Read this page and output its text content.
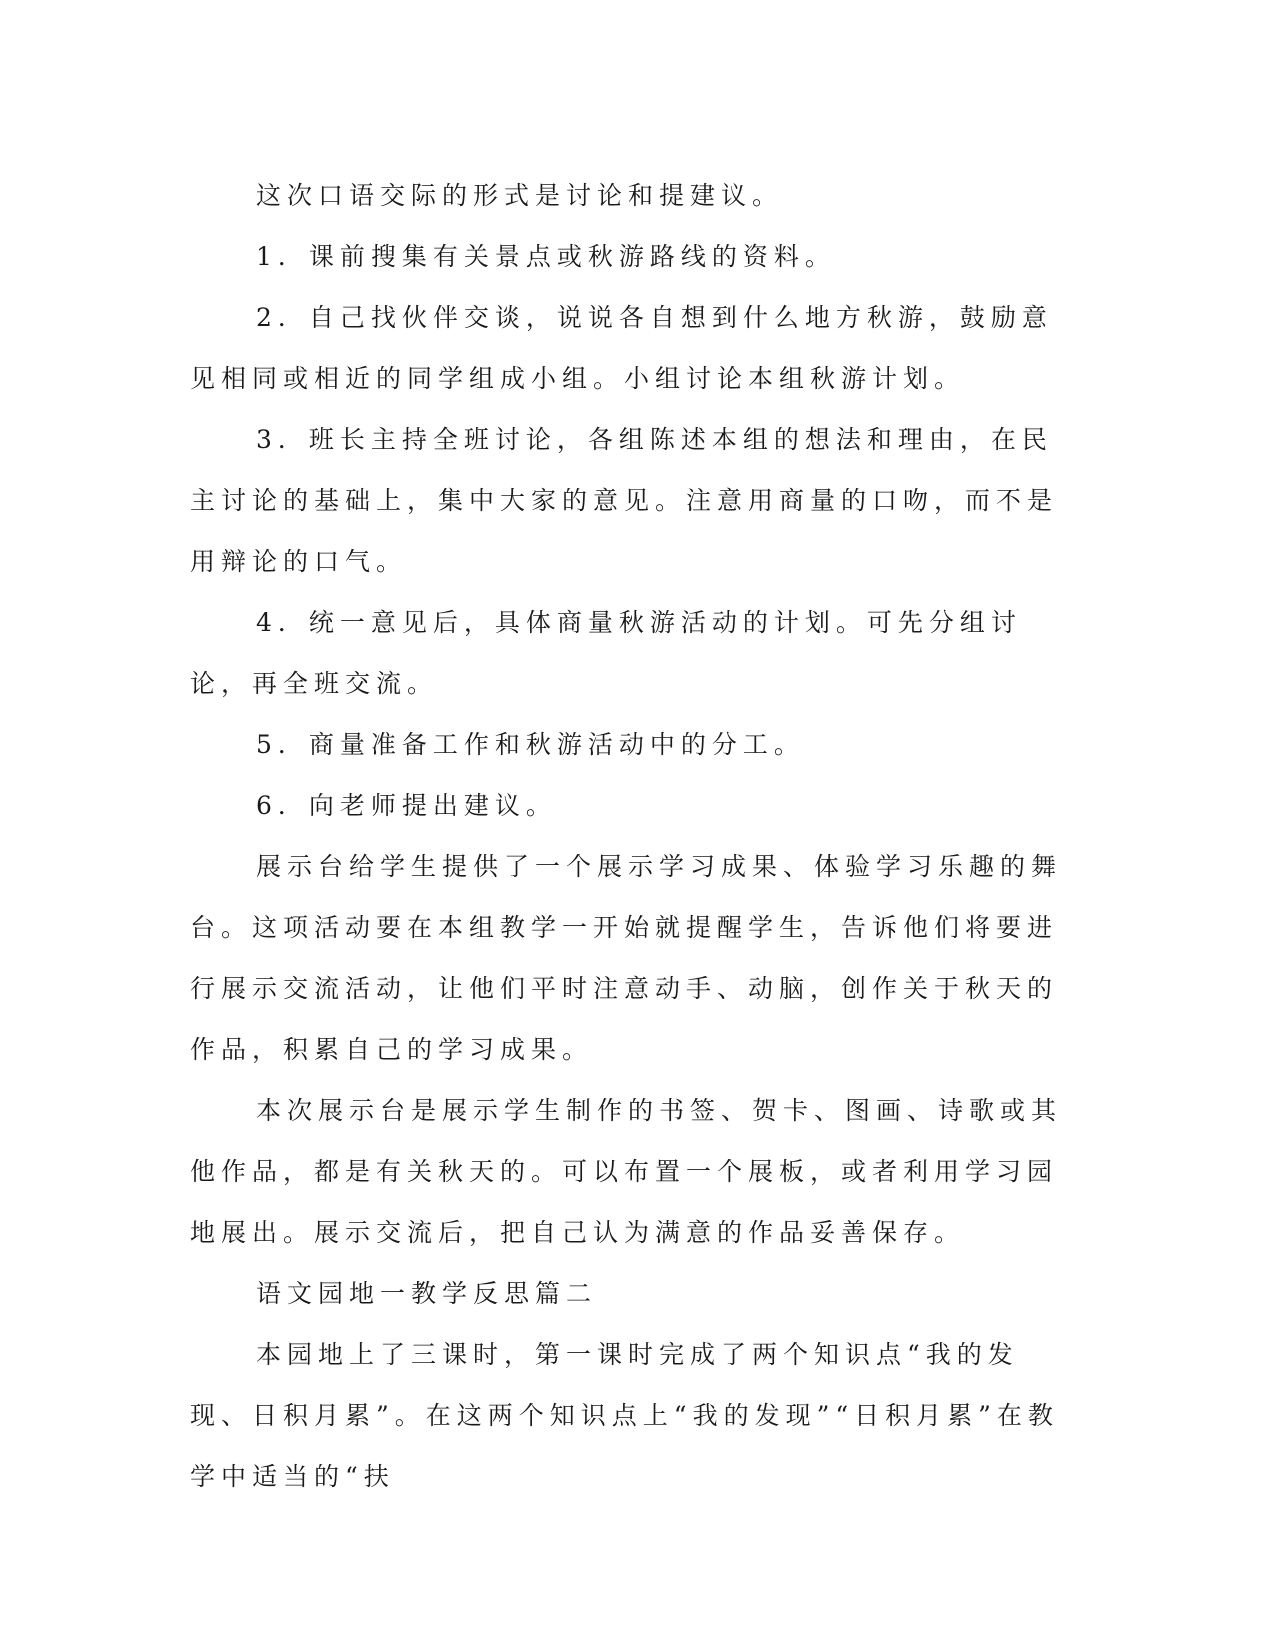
这次口语交际的形式是讨论和提建议。

1．课前搜集有关景点或秋游路线的资料。

2．自己找伙伴交谈，说说各自想到什么地方秋游，鼓励意见相同或相近的同学组成小组。小组讨论本组秋游计划。

3．班长主持全班讨论，各组陈述本组的想法和理由，在民主讨论的基础上，集中大家的意见。注意用商量的口吻，而不是用辩论的口气。

4．统一意见后，具体商量秋游活动的计划。可先分组讨论，再全班交流。

5．商量准备工作和秋游活动中的分工。

6．向老师提出建议。

展示台给学生提供了一个展示学习成果、体验学习乐趣的舞台。这项活动要在本组教学一开始就提醒学生，告诉他们将要进行展示交流活动，让他们平时注意动手、动脑，创作关于秋天的作品，积累自己的学习成果。

本次展示台是展示学生制作的书签、贺卡、图画、诗歌或其他作品，都是有关秋天的。可以布置一个展板，或者利用学习园地展出。展示交流后，把自己认为满意的作品妥善保存。

语文园地一教学反思篇二

本园地上了三课时，第一课时完成了两个知识点“我的发现、日积月累”。在这两个知识点上“我的发现”“日积月累”在教学中适当的“扶
